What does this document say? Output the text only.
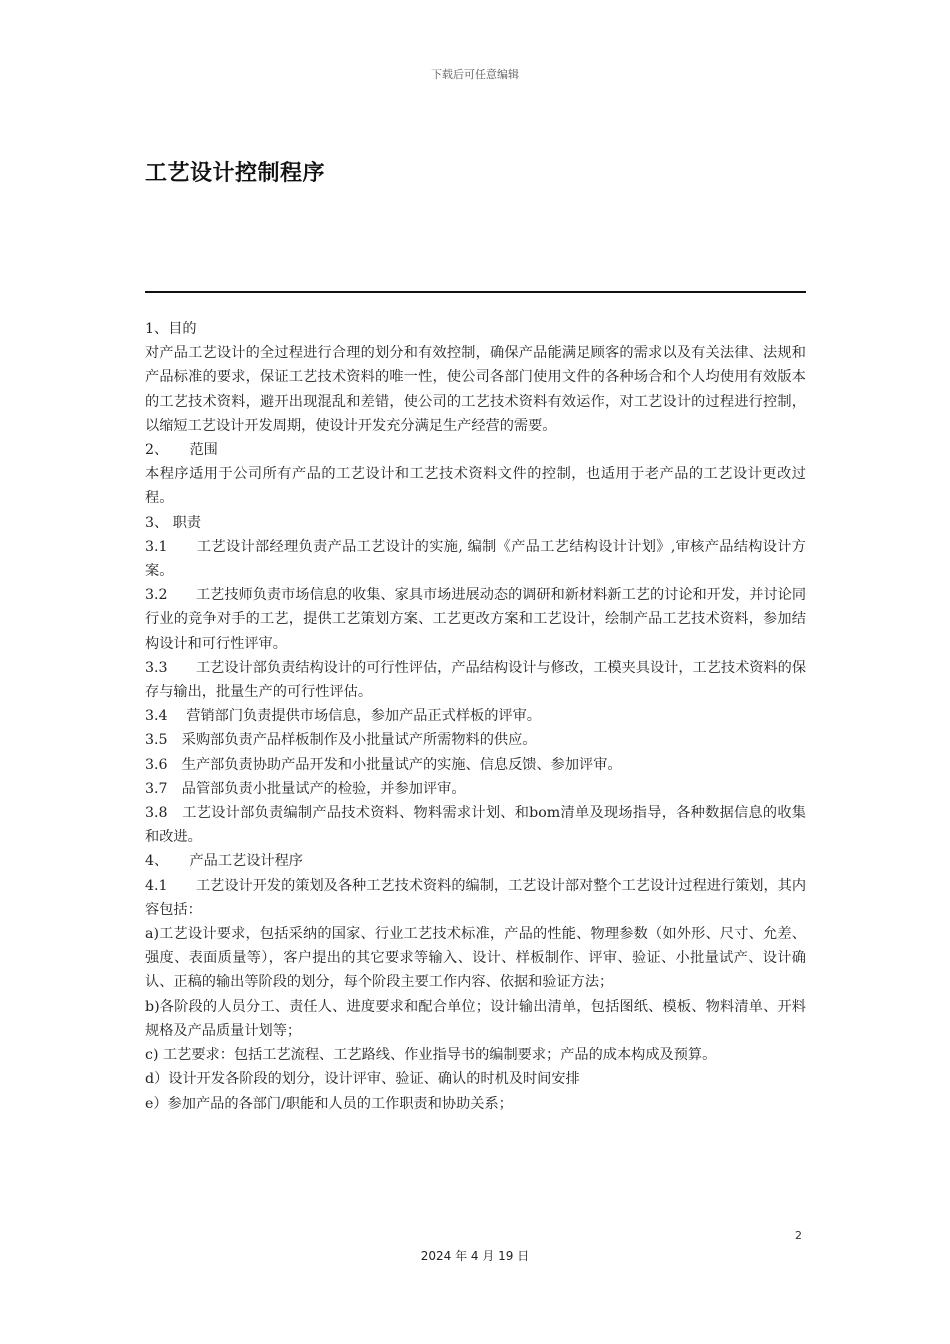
下载后可任意编辑
工艺设计控制程序

1、目的

对产品工艺设计的全过程进行合理的划分和有效控制，确保产品能满足顾客的需求以及有关法律、法规和产品标准的要求，保证工艺技术资料的唯一性，使公司各部门使用文件的各种场合和个人均使用有效版本的工艺技术资料，避开出现混乱和差错，使公司的工艺技术资料有效运作，对工艺设计的过程进行控制，以缩短工艺设计开发周期，使设计开发充分满足生产经营的需要。

2、　　范围

本程序适用于公司所有产品的工艺设计和工艺技术资料文件的控制，也适用于老产品的工艺设计更改过程。

3、 职责

3.1　　工艺设计部经理负责产品工艺设计的实施, 编制《产品工艺结构设计计划》,审核产品结构设计方案。

3.2　　工艺技师负责市场信息的收集、家具市场进展动态的调研和新材料新工艺的讨论和开发，并讨论同行业的竞争对手的工艺，提供工艺策划方案、工艺更改方案和工艺设计，绘制产品工艺技术资料，参加结构设计和可行性评审。

3.3　　工艺设计部负责结构设计的可行性评估，产品结构设计与修改，工模夹具设计，工艺技术资料的保存与输出，批量生产的可行性评估。

3.4　 营销部门负责提供市场信息，参加产品正式样板的评审。

3.5　采购部负责产品样板制作及小批量试产所需物料的供应。

3.6　生产部负责协助产品开发和小批量试产的实施、信息反馈、参加评审。

3.7　品管部负责小批量试产的检验，并参加评审。

3.8　工艺设计部负责编制产品技术资料、物料需求计划、和bom清单及现场指导，各种数据信息的收集和改进。

4、　　产品工艺设计程序

4.1　　工艺设计开发的策划及各种工艺技术资料的编制，工艺设计部对整个工艺设计过程进行策划，其内容包括：

a)工艺设计要求，包括采纳的国家、行业工艺技术标准，产品的性能、物理参数（如外形、尺寸、允差、强度、表面质量等），客户提出的其它要求等输入、设计、样板制作、评审、验证、小批量试产、设计确认、正稿的输出等阶段的划分，每个阶段主要工作内容、依据和验证方法；

b)各阶段的人员分工、责任人、进度要求和配合单位；设计输出清单，包括图纸、模板、物料清单、开料规格及产品质量计划等；

c) 工艺要求：包括工艺流程、工艺路线、作业指导书的编制要求；产品的成本构成及预算。

d）设计开发各阶段的划分，设计评审、验证、确认的时机及时间安排

e）参加产品的各部门/职能和人员的工作职责和协助关系；

2
2024 年 4 月 19 日
